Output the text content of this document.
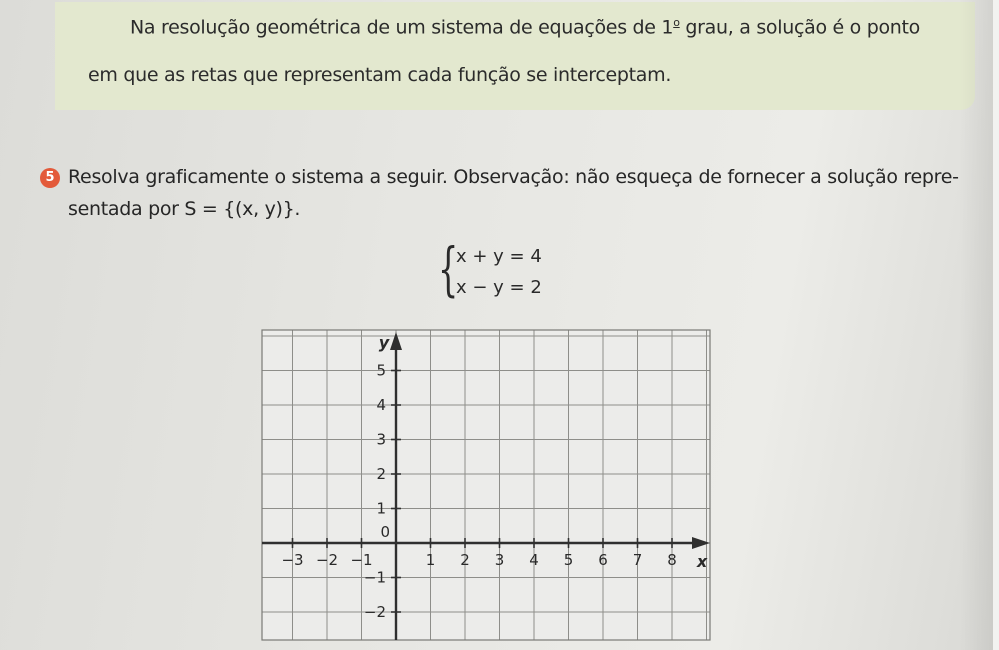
Na resolução geométrica de um sistema de equações de 1$^o$ grau, a solução é o ponto
em que as retas que representam cada função se interceptam.
5 Resolva graficamente o sistema a seguir. Observação: não esqueça de fornecer a solução repre-
sentada por S = {(x, y)}.
{
x + y = 4
x − y = 2
−3 −2 −1	1 2 3 4 5 6 7 8
5
4
3
2
1
−1
−2
0
x
y
